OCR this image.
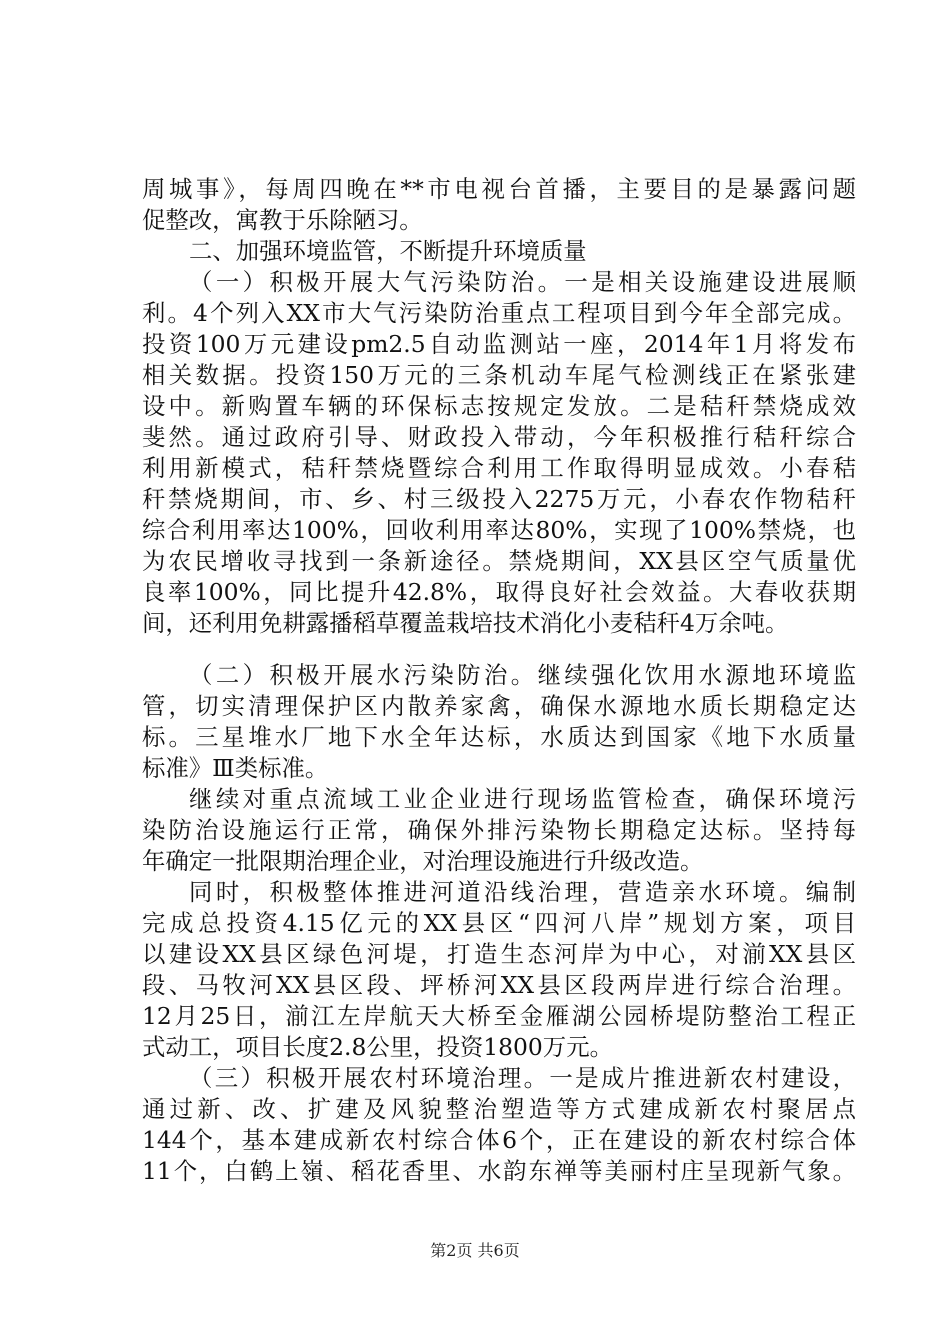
周城事》，每周四晚在**市电视台首播，主要目的是暴露问题
促整改，寓教于乐除陋习。
二、加强环境监管，不断提升环境质量
（一）积极开展大气污染防治。一是相关设施建设进展顺
利。4个列入XX市大气污染防治重点工程项目到今年全部完成。
投资100万元建设pm2.5自动监测站一座，2014年1月将发布
相关数据。投资150万元的三条机动车尾气检测线正在紧张建
设中。新购置车辆的环保标志按规定发放。二是秸秆禁烧成效
斐然。通过政府引导、财政投入带动，今年积极推行秸秆综合
利用新模式，秸秆禁烧暨综合利用工作取得明显成效。小春秸
秆禁烧期间，市、乡、村三级投入2275万元，小春农作物秸秆
综合利用率达100%，回收利用率达80%，实现了100%禁烧，也
为农民增收寻找到一条新途径。禁烧期间，XX县区空气质量优
良率100%，同比提升42.8%，取得良好社会效益。大春收获期
间，还利用免耕露播稻草覆盖栽培技术消化小麦秸秆4万余吨。
（二）积极开展水污染防治。继续强化饮用水源地环境监
管，切实清理保护区内散养家禽，确保水源地水质长期稳定达
标。三星堆水厂地下水全年达标，水质达到国家《地下水质量
标准》Ⅲ类标准。
继续对重点流域工业企业进行现场监管检查，确保环境污
染防治设施运行正常，确保外排污染物长期稳定达标。坚持每
年确定一批限期治理企业，对治理设施进行升级改造。
同时，积极整体推进河道沿线治理，营造亲水环境。编制
完成总投资4.15亿元的XX县区“四河八岸”规划方案，项目
以建设XX县区绿色河堤，打造生态河岸为中心，对湔XX县区
段、马牧河XX县区段、坪桥河XX县区段两岸进行综合治理。
12月25日，湔江左岸航天大桥至金雁湖公园桥堤防整治工程正
式动工，项目长度2.8公里，投资1800万元。
（三）积极开展农村环境治理。一是成片推进新农村建设，
通过新、改、扩建及风貌整治塑造等方式建成新农村聚居点
144个，基本建成新农村综合体6个，正在建设的新农村综合体
11个，白鹤上嶺、稻花香里、水韵东禅等美丽村庄呈现新气象。
第2页 共6页
